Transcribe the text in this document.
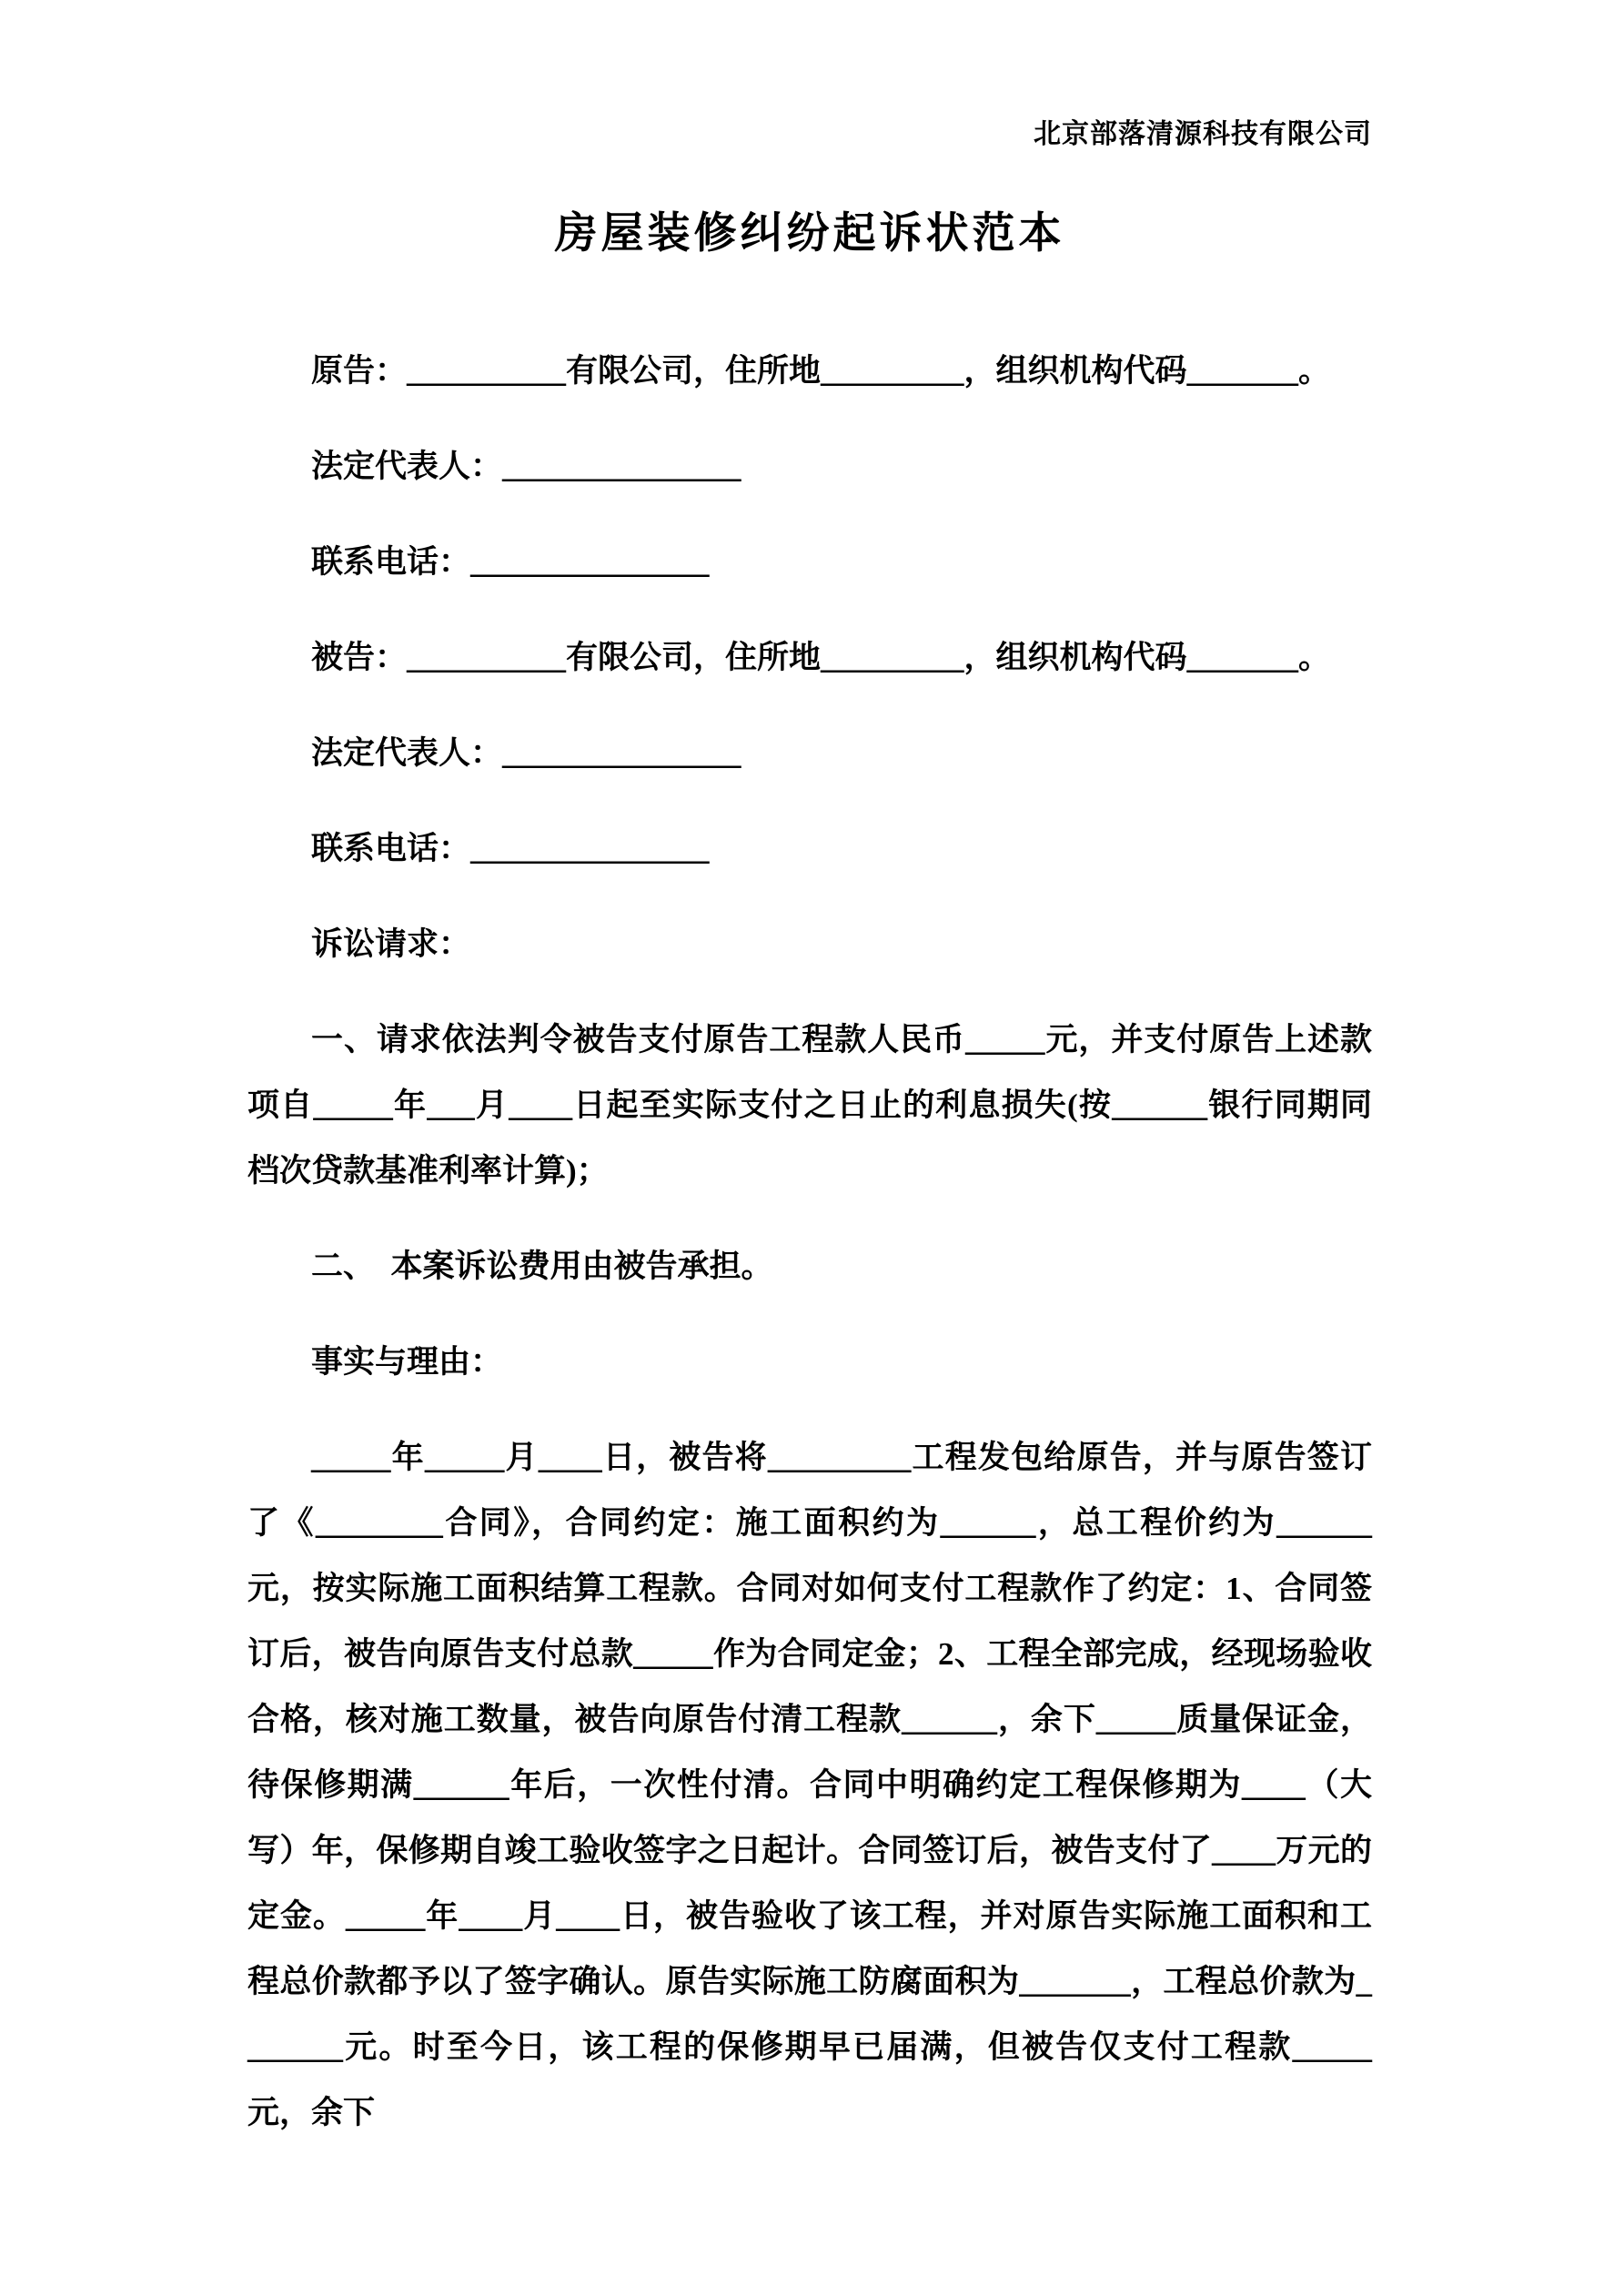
北京部落清源科技有限公司
房屋装修纠纷起诉状范本

原告：__________有限公司，住所地_________，组织机构代码_______。

法定代表人：_______________

联系电话：_______________

被告：__________有限公司，住所地_________，组织机构代码_______。

法定代表人：_______________

联系电话：_______________

诉讼请求：

一、请求依法判令被告支付原告工程款人民币_____元，并支付原告上述款项自_____年___月____日起至实际支付之日止的利息损失(按______银行同期同档次贷款基准利率计算)；

二、　本案诉讼费用由被告承担。

事实与理由：

_____年_____月____日，被告将_________工程发包给原告，并与原告签订了《________合同》，合同约定：施工面积约为______，总工程价约为______元，按实际施工面积结算工程款。合同对如何支付工程款作了约定：1、合同签订后，被告向原告支付总款_____作为合同定金；2、工程全部完成，经现场验收合格，核对施工数量，被告向原告付清工程款______，余下_____质量保证金，待保修期满______年后，一次性付清。合同中明确约定工程保修期为____（大写）年，保修期自竣工验收签字之日起计。合同签订后，被告支付了____万元的定金。_____年____月____日，被告验收了该工程，并对原告实际施工面积和工程总价款都予以了签字确认。原告实际施工防腐面积为_______，工程总价款为_______元。时至今日，该工程的保修期早已届满，但被告仅支付工程款_____元，余下
